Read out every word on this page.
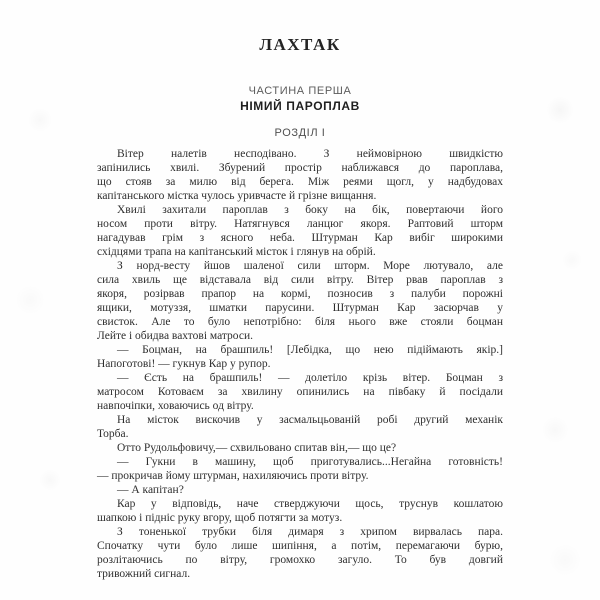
ЛАХТАК
ЧАСТИНА ПЕРША
НІМИЙ ПАРОПЛАВ
РОЗДІЛ І

Вітер налетів несподівано. З неймовірною швидкістю
запінились хвилі. Збурений простір наближався до пароплава,
що стояв за милю від берега. Між реями щогл, у надбудовах
капітанського містка чулось уривчасте й грізне вищання.

Хвилі захитали пароплав з боку на бік, повертаючи його
носом проти вітру. Натягнувся ланцюг якоря. Раптовий шторм
нагадував грім з ясного неба. Штурман Кар вибіг широкими
східцями трапа на капітанський місток і глянув на обрій.

З норд-весту йшов шаленої сили шторм. Море лютувало, але
сила хвиль ще відставала від сили вітру. Вітер рвав пароплав з
якоря, розірвав прапор на кормі, позносив з палуби порожні
ящики, мотуззя, шматки парусини. Штурман Кар засюрчав у
свисток. Але то було непотрібно: біля нього вже стояли боцман
Лейте і обидва вахтові матроси.

— Боцман, на брашпиль! [Лебідка, що нею підіймають якір.]
Напоготові! — гукнув Кар у рупор.

— Єсть на брашпиль! — долетіло крізь вітер. Боцман з
матросом Котоваєм за хвилину опинились на півбаку й посідали
навпочіпки, ховаючись од вітру.

На місток вискочив у засмальцьованій робі другий механік
Торба.

Отто Рудольфовичу,— схвильовано спитав він,— що це?

— Гукни в машину, щоб приготувались...Негайна готовність!
— прокричав йому штурман, нахиляючись проти вітру.

— А капітан?

Кар у відповідь, наче стверджуючи щось, труснув кошлатою
шапкою і підніс руку вгору, щоб потягти за мотуз.

З тоненької трубки біля димаря з хрипом вирвалась пара.
Спочатку чути було лише шипіння, а потім, перемагаючи бурю,
розлітаючись по вітру, громохко загуло. То був довгий
тривожний сигнал.
